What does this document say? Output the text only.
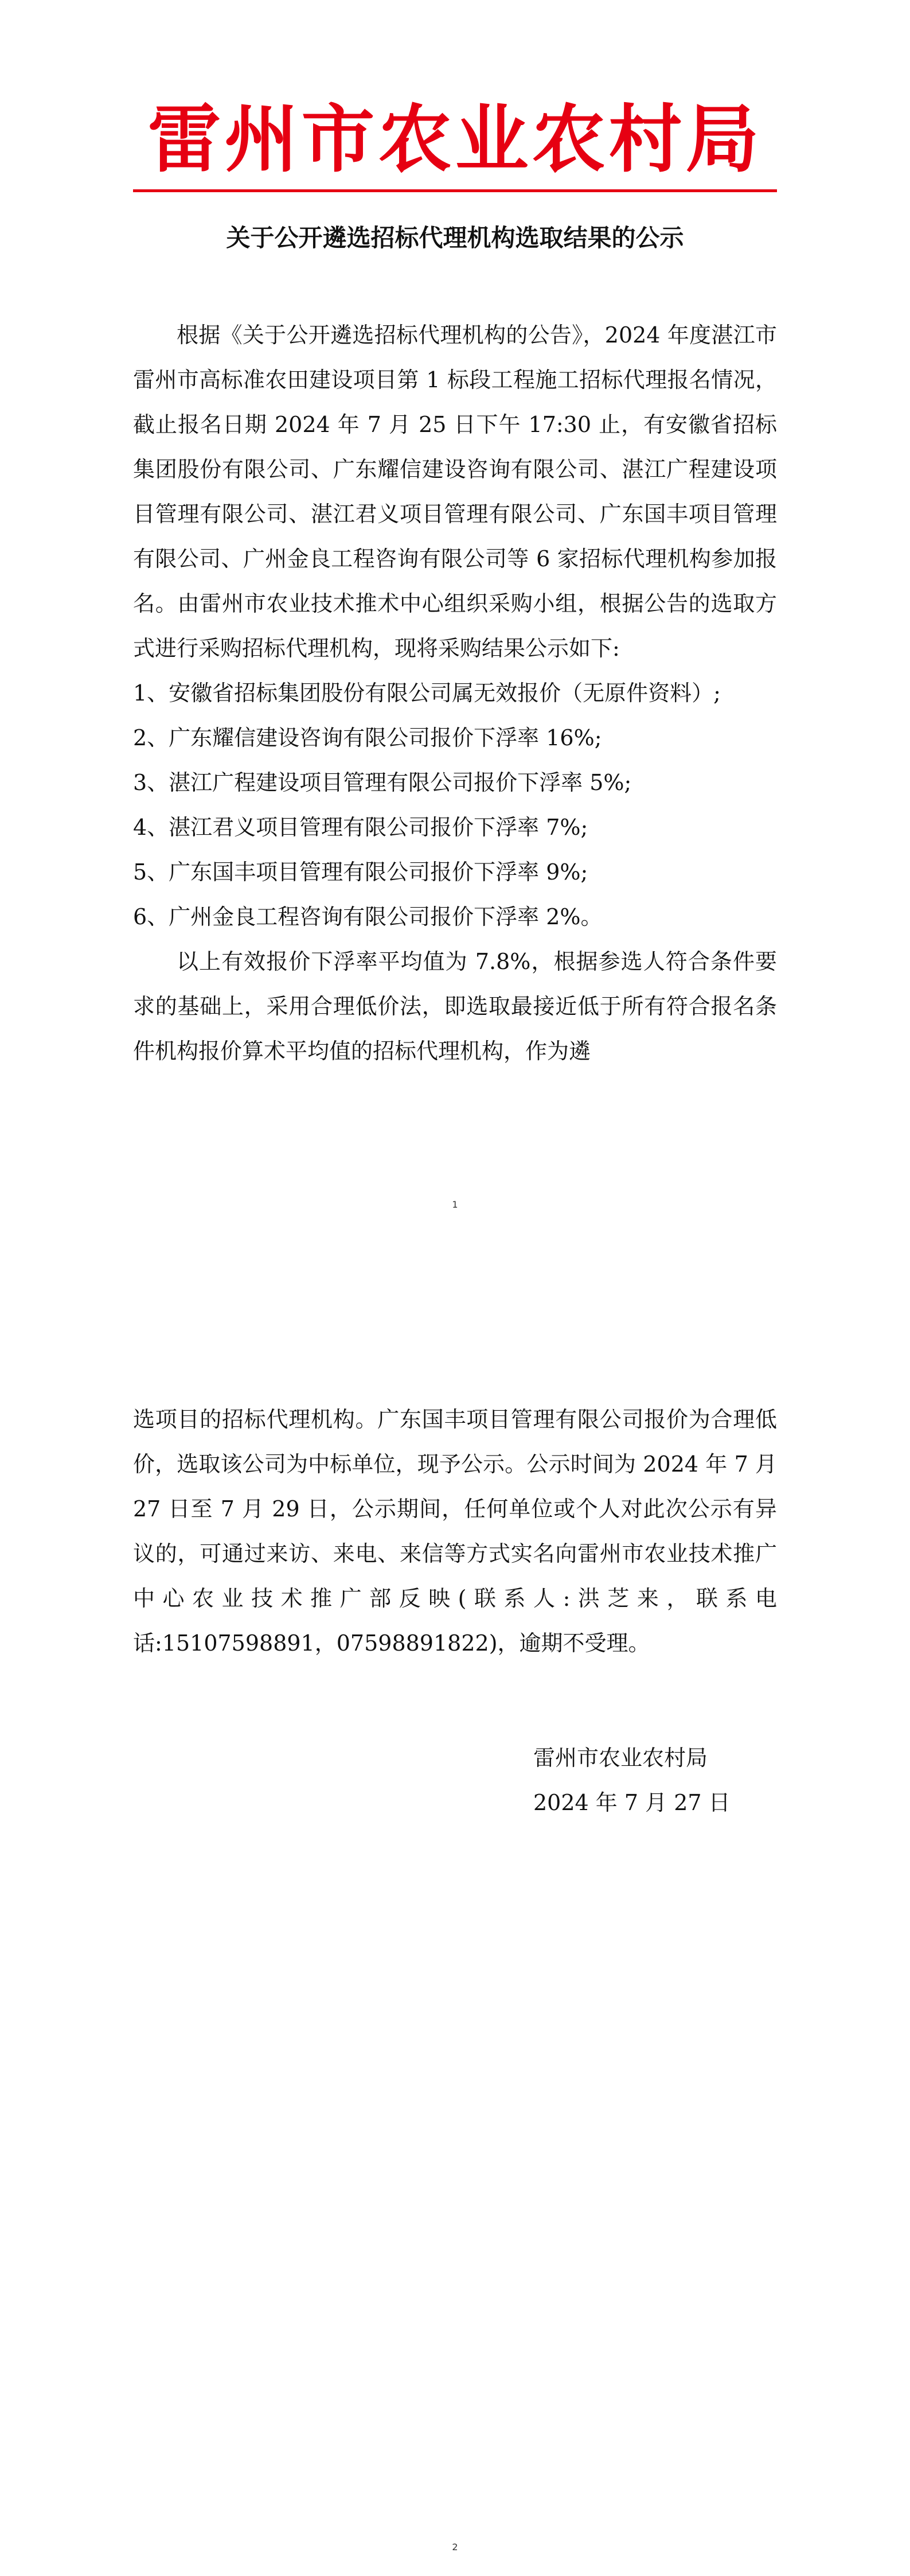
雷州市农业农村局
关于公开遴选招标代理机构选取结果的公示

根据《关于公开遴选招标代理机构的公告》，2024 年度湛江市雷州市高标准农田建设项目第 1 标段工程施工招标代理报名情况，截止报名日期 2024 年 7 月 25 日下午 17:30 止，有安徽省招标集团股份有限公司、广东耀信建设咨询有限公司、湛江广程建设项目管理有限公司、湛江君义项目管理有限公司、广东国丰项目管理有限公司、广州金良工程咨询有限公司等 6 家招标代理机构参加报名。由雷州市农业技术推术中心组织采购小组，根据公告的选取方式进行采购招标代理机构，现将采购结果公示如下:

1、安徽省招标集团股份有限公司属无效报价（无原件资料）;
2、广东耀信建设咨询有限公司报价下浮率 16%;
3、湛江广程建设项目管理有限公司报价下浮率 5%;
4、湛江君义项目管理有限公司报价下浮率 7%;
5、广东国丰项目管理有限公司报价下浮率 9%;
6、广州金良工程咨询有限公司报价下浮率 2%。

以上有效报价下浮率平均值为 7.8%，根据参选人符合条件要求的基础上，采用合理低价法，即选取最接近低于所有符合报名条件机构报价算术平均值的招标代理机构，作为遴

1

选项目的招标代理机构。广东国丰项目管理有限公司报价为合理低价，选取该公司为中标单位，现予公示。公示时间为 2024 年 7 月 27 日至 7 月 29 日，公示期间，任何单位或个人对此次公示有异议的，可通过来访、来电、来信等方式实名向雷州市农业技术推广中心农业技术推广部反映(联系人:洪芝来，联系电话:15107598891，07598891822)，逾期不受理。

雷州市农业农村局
2024 年 7 月 27 日
2
